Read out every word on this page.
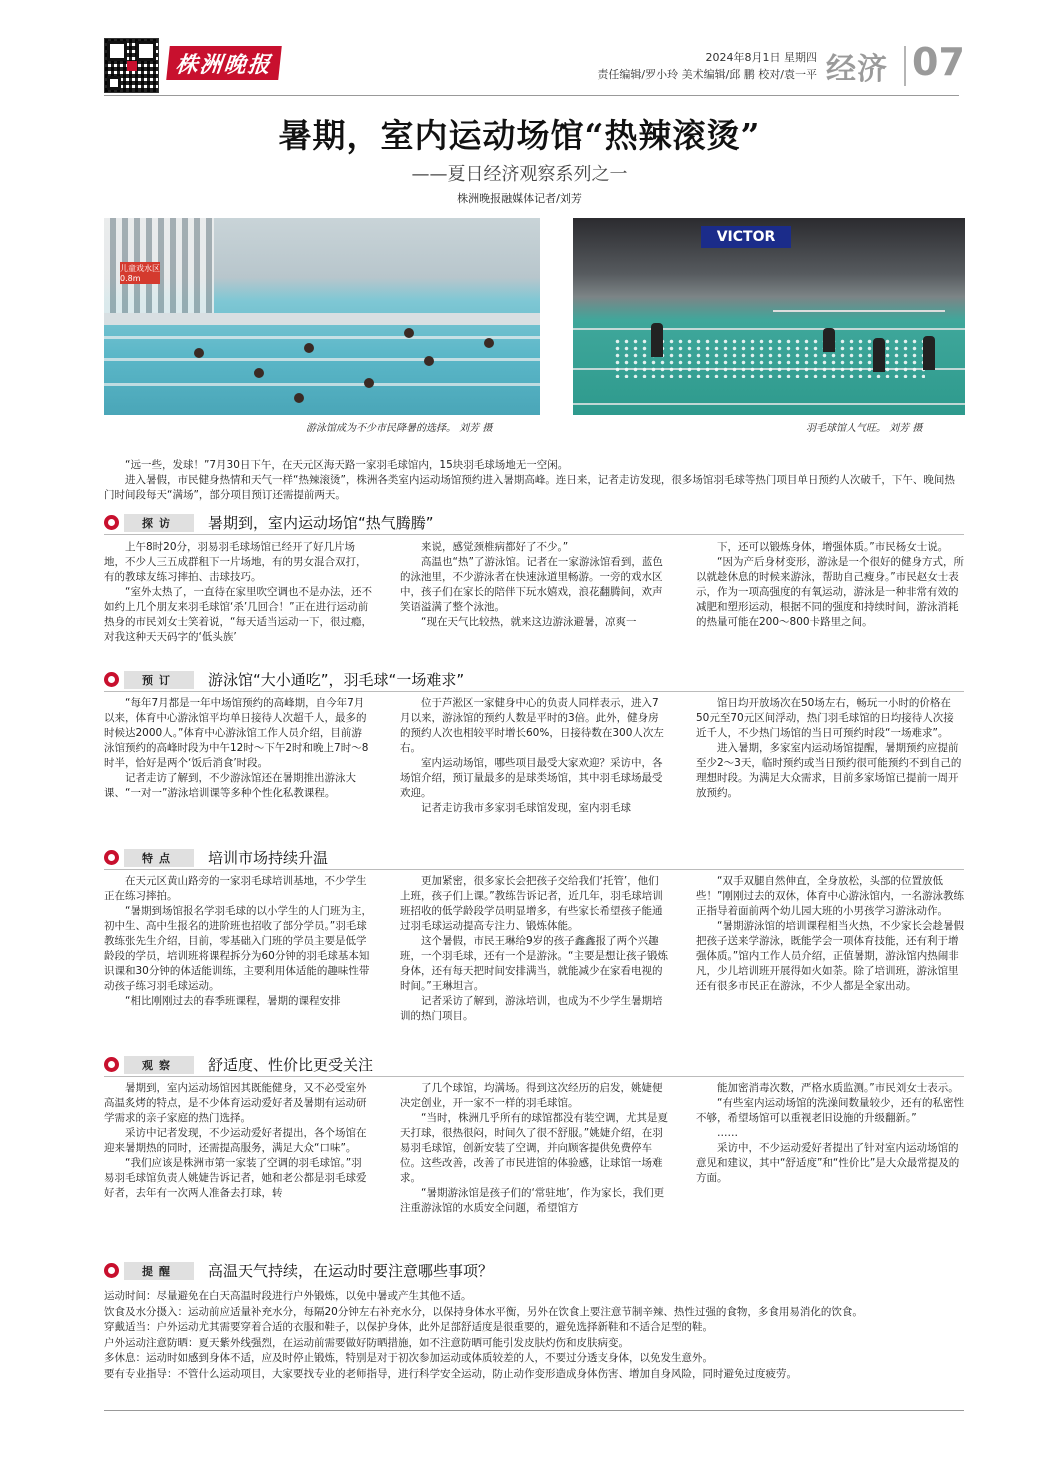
株洲晚报	2024年8月1日 星期四
责任编辑/罗小玲 美术编辑/邱 鹏 校对/袁一平 经济 07
暑期，室内运动场馆“热辣滚烫”
——夏日经济观察系列之一
株洲晚报融媒体记者/刘芳
儿童戏水区 0.8m
VICTOR
游泳馆成为不少市民降暑的选择。 刘芳 摄	羽毛球馆人气旺。 刘芳 摄

“远一些，发球！”7月30日下午，在天元区海天路一家羽毛球馆内，15块羽毛球场地无一空闲。

进入暑假，市民健身热情和天气一样“热辣滚烫”，株洲各类室内运动场馆预约进入暑期高峰。连日来，记者走访发现，很多场馆羽毛球等热门项目单日预约人次破千，下午、晚间热门时间段每天“满场”，部分项目预订还需提前两天。

探访	暑期到，室内运动场馆“热气腾腾”

上午8时20分，羽易羽毛球场馆已经开了好几片场地，不少人三五成群租下一片场地，有的男女混合双打，有的教球友练习摔拍、击球技巧。

“室外太热了，一直待在家里吹空调也不是办法，还不如约上几个朋友来羽毛球馆‘杀’几回合！”正在进行运动前热身的市民刘女士笑着说，“每天适当运动一下，很过瘾，对我这种天天码字的‘低头族’

来说，感觉颈椎病都好了不少。”

高温也“热”了游泳馆。记者在一家游泳馆看到，蓝色的泳池里，不少游泳者在快速泳道里畅游。一旁的戏水区中，孩子们在家长的陪伴下玩水嬉戏，浪花翻腾间，欢声笑语溢满了整个泳池。

“现在天气比较热，就来这边游泳避暑，凉爽一

下，还可以锻炼身体，增强体质。”市民杨女士说。

“因为产后身材变形，游泳是一个很好的健身方式，所以就趁休息的时候来游泳，帮助自己瘦身。”市民赵女士表示，作为一项高强度的有氧运动，游泳是一种非常有效的减肥和塑形运动，根据不同的强度和持续时间，游泳消耗的热量可能在200～800卡路里之间。

预订	游泳馆“大小通吃”，羽毛球“一场难求”

“每年7月都是一年中场馆预约的高峰期，自今年7月以来，体育中心游泳馆平均单日接待人次超千人，最多的时候达2000人。”体育中心游泳馆工作人员介绍，目前游泳馆预约的高峰时段为中午12时～下午2时和晚上7时～8时半，恰好是两个‘饭后消食’时段。

记者走访了解到，不少游泳馆还在暑期推出游泳大课、“一对一”游泳培训课等多种个性化私教课程。

位于芦淞区一家健身中心的负责人同样表示，进入7月以来，游泳馆的预约人数是平时的3倍。此外，健身房的预约人次也相较平时增长60%，日接待数在300人次左右。

室内运动场馆，哪些项目最受大家欢迎？采访中，各场馆介绍，预订量最多的是球类场馆，其中羽毛球场最受欢迎。

记者走访我市多家羽毛球馆发现，室内羽毛球

馆日均开放场次在50场左右，畅玩一小时的价格在50元至70元区间浮动，热门羽毛球馆的日均接待人次接近千人，不少热门场馆的当日可预约时段“一场难求”。

进入暑期，多家室内运动场馆提醒，暑期预约应提前至少2～3天，临时预约或当日预约很可能预约不到自己的理想时段。为满足大众需求，目前多家场馆已提前一周开放预约。

特点	培训市场持续升温

在天元区黄山路旁的一家羽毛球培训基地，不少学生正在练习摔拍。

“暑期到场馆报名学羽毛球的以小学生的人门班为主，初中生、高中生报名的进阶班也招收了部分学员。”羽毛球教练张先生介绍，目前，零基础入门班的学员主要是低学龄段的学员，培训班将课程拆分为60分钟的羽毛球基本知识课和30分钟的体适能训练，主要利用体适能的趣味性带动孩子练习羽毛球运动。

“相比刚刚过去的春季班课程，暑期的课程安排

更加紧密，很多家长会把孩子交给我们‘托管’，他们上班，孩子们上课。”教练告诉记者，近几年，羽毛球培训班招收的低学龄段学员明显增多，有些家长希望孩子能通过羽毛球运动提高专注力、锻炼体能。

这个暑假，市民王琳给9岁的孩子鑫鑫报了两个兴趣班，一个羽毛球，还有一个是游泳。“主要是想让孩子锻炼身体，还有每天把时间安排满当，就能减少在家看电视的时间。”王琳坦言。

记者采访了解到，游泳培训，也成为不少学生暑期培训的热门项目。

“双手双腿自然伸直，全身放松，头部的位置放低些！”刚刚过去的双休，体育中心游泳馆内，一名游泳教练正指导着面前两个幼儿园大班的小男孩学习游泳动作。

“暑期游泳馆的培训课程相当火热，不少家长会趁暑假把孩子送来学游泳，既能学会一项体育技能，还有利于增强体质。”馆内工作人员介绍，正值暑期，游泳馆内热闹非凡，少儿培训班开展得如火如荼。除了培训班，游泳馆里还有很多市民正在游泳，不少人都是全家出动。

观察	舒适度、性价比更受关注

暑期到，室内运动场馆因其既能健身，又不必受室外高温炙烤的特点，是不少体育运动爱好者及暑期有运动研学需求的亲子家庭的热门选择。

采访中记者发现，不少运动爱好者提出，各个场馆在迎来暑期热的同时，还需提高服务，满足大众“口味”。

“我们应该是株洲市第一家装了空调的羽毛球馆。”羽易羽毛球馆负责人姚婕告诉记者，她和老公都是羽毛球爱好者，去年有一次两人准备去打球，转

了几个球馆，均满场。得到这次经历的启发，姚婕便决定创业，开一家不一样的羽毛球馆。

“当时，株洲几乎所有的球馆都没有装空调，尤其是夏天打球，很热很闷，时间久了很不舒服。”姚婕介绍，在羽易羽毛球馆，创新安装了空调，并向顾客提供免费停车位。这些改善，改善了市民进馆的体验感，让球馆一场难求。

“暑期游泳馆是孩子们的‘常驻地’，作为家长，我们更注重游泳馆的水质安全问题，希望馆方

能加密消毒次数，严格水质监测。”市民刘女士表示。

“有些室内运动场馆的洗澡间数量较少，还有的私密性不够，希望场馆可以重视老旧设施的升级翻新。”

……

采访中，不少运动爱好者提出了针对室内运动场馆的意见和建议，其中“舒适度”和“性价比”是大众最常提及的方面。

提醒	高温天气持续，在运动时要注意哪些事项？
运动时间：尽量避免在白天高温时段进行户外锻炼，以免中暑或产生其他不适。
饮食及水分摄入：运动前应适量补充水分，每隔20分钟左右补充水分，以保持身体水平衡，另外在饮食上要注意节制辛辣、热性过强的食物，多食用易消化的饮食。
穿戴适当：户外运动尤其需要穿着合适的衣服和鞋子，以保护身体，此外足部舒适度是很重要的，避免选择新鞋和不适合足型的鞋。
户外运动注意防晒：夏天紫外线强烈，在运动前需要做好防晒措施，如不注意防晒可能引发皮肤灼伤和皮肤病变。
多休息：运动时如感到身体不适，应及时停止锻炼，特别是对于初次参加运动或体质较差的人，不要过分透支身体，以免发生意外。
要有专业指导：不管什么运动项目，大家要找专业的老师指导，进行科学安全运动，防止动作变形造成身体伤害、增加自身风险，同时避免过度疲劳。
